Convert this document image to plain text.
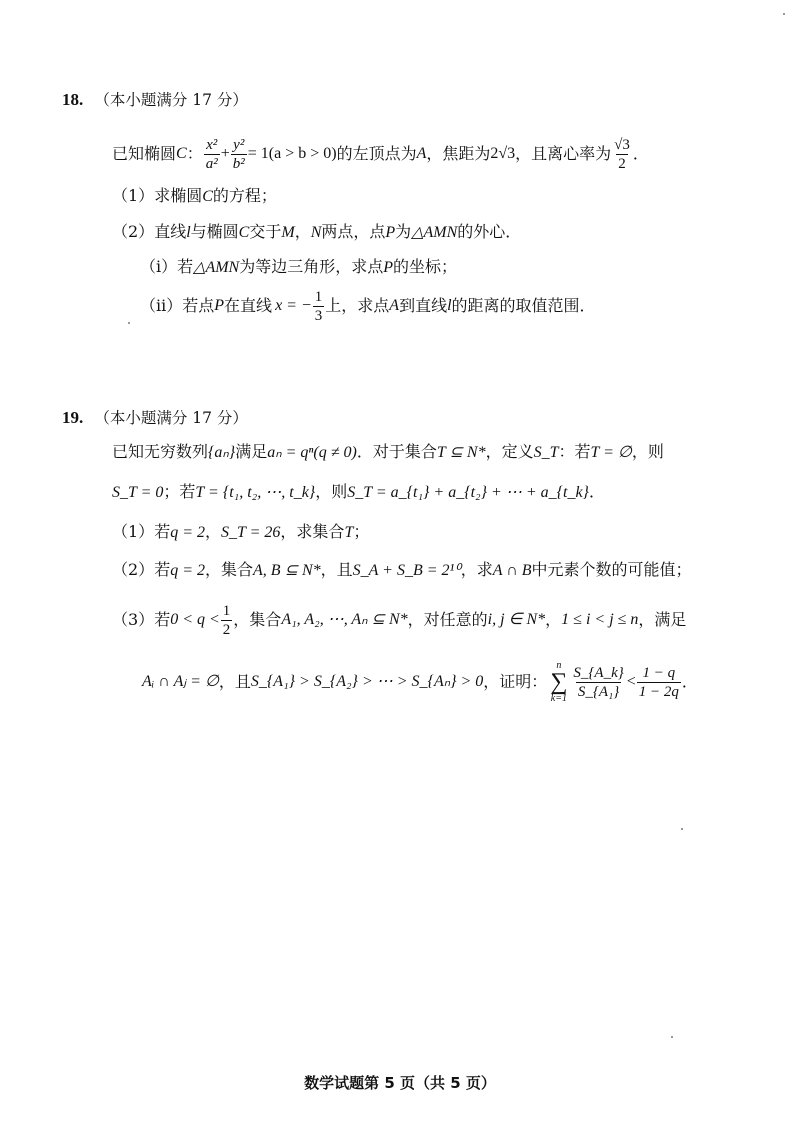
18. （本小题满分 17 分）
已知椭圆 C ： $\frac{\text{x²}}{\text{a²}} + \frac{\text{y²}}{\text{b²}} = 1(a > b > 0)$ 的左顶点为 A ，焦距为 2√3 ，且离心率为 $\frac{√3}{2}$ ．
（1）求椭圆C的方程；
（2）直线l与椭圆C交于M，N两点，点P为△AMN的外心．
（ⅰ）若△AMN为等边三角形，求点P的坐标；
（ⅱ） 若点 P 在直线 x = − $\frac{1}{3}$ 上，求点 A 到直线 l 的距离的取值范围．
19. （本小题满分 17 分）
已知无穷数列{aₙ}满足aₙ = qⁿ(q ≠ 0)．对于集合T ⊆ N*，定义S_T：若T = ∅，则
S_T = 0；若T = {t₁, t₂, ⋯, t_k}，则S_T = a_{t₁} + a_{t₂} + ⋯ + a_{t_k}．
（1）若q = 2，S_T = 26，求集合T；
（2）若q = 2，集合A, B ⊆ N*，且S_A + S_B = 2¹⁰，求A ∩ B中元素个数的可能值；
（3） 若 $0 < q < \frac{1}{2}$ ，集合 A₁, A₂, ⋯, Aₙ ⊆ N* ，对任意的 i, j ∈ N* ， 1 ≤ i < j ≤ n ，满足
Aᵢ ∩ Aⱼ = ∅ ，且 S_{A₁} > S_{A₂} > ⋯ > S_{Aₙ} > 0 ，证明：
n
∑
$k=1 \frac{S\_\{A\_k\}}{\text{S\_\{A₁\}}} < \frac{1 - q}{1 - 2q}$ ．
数学试题第 5 页（共 5 页）
